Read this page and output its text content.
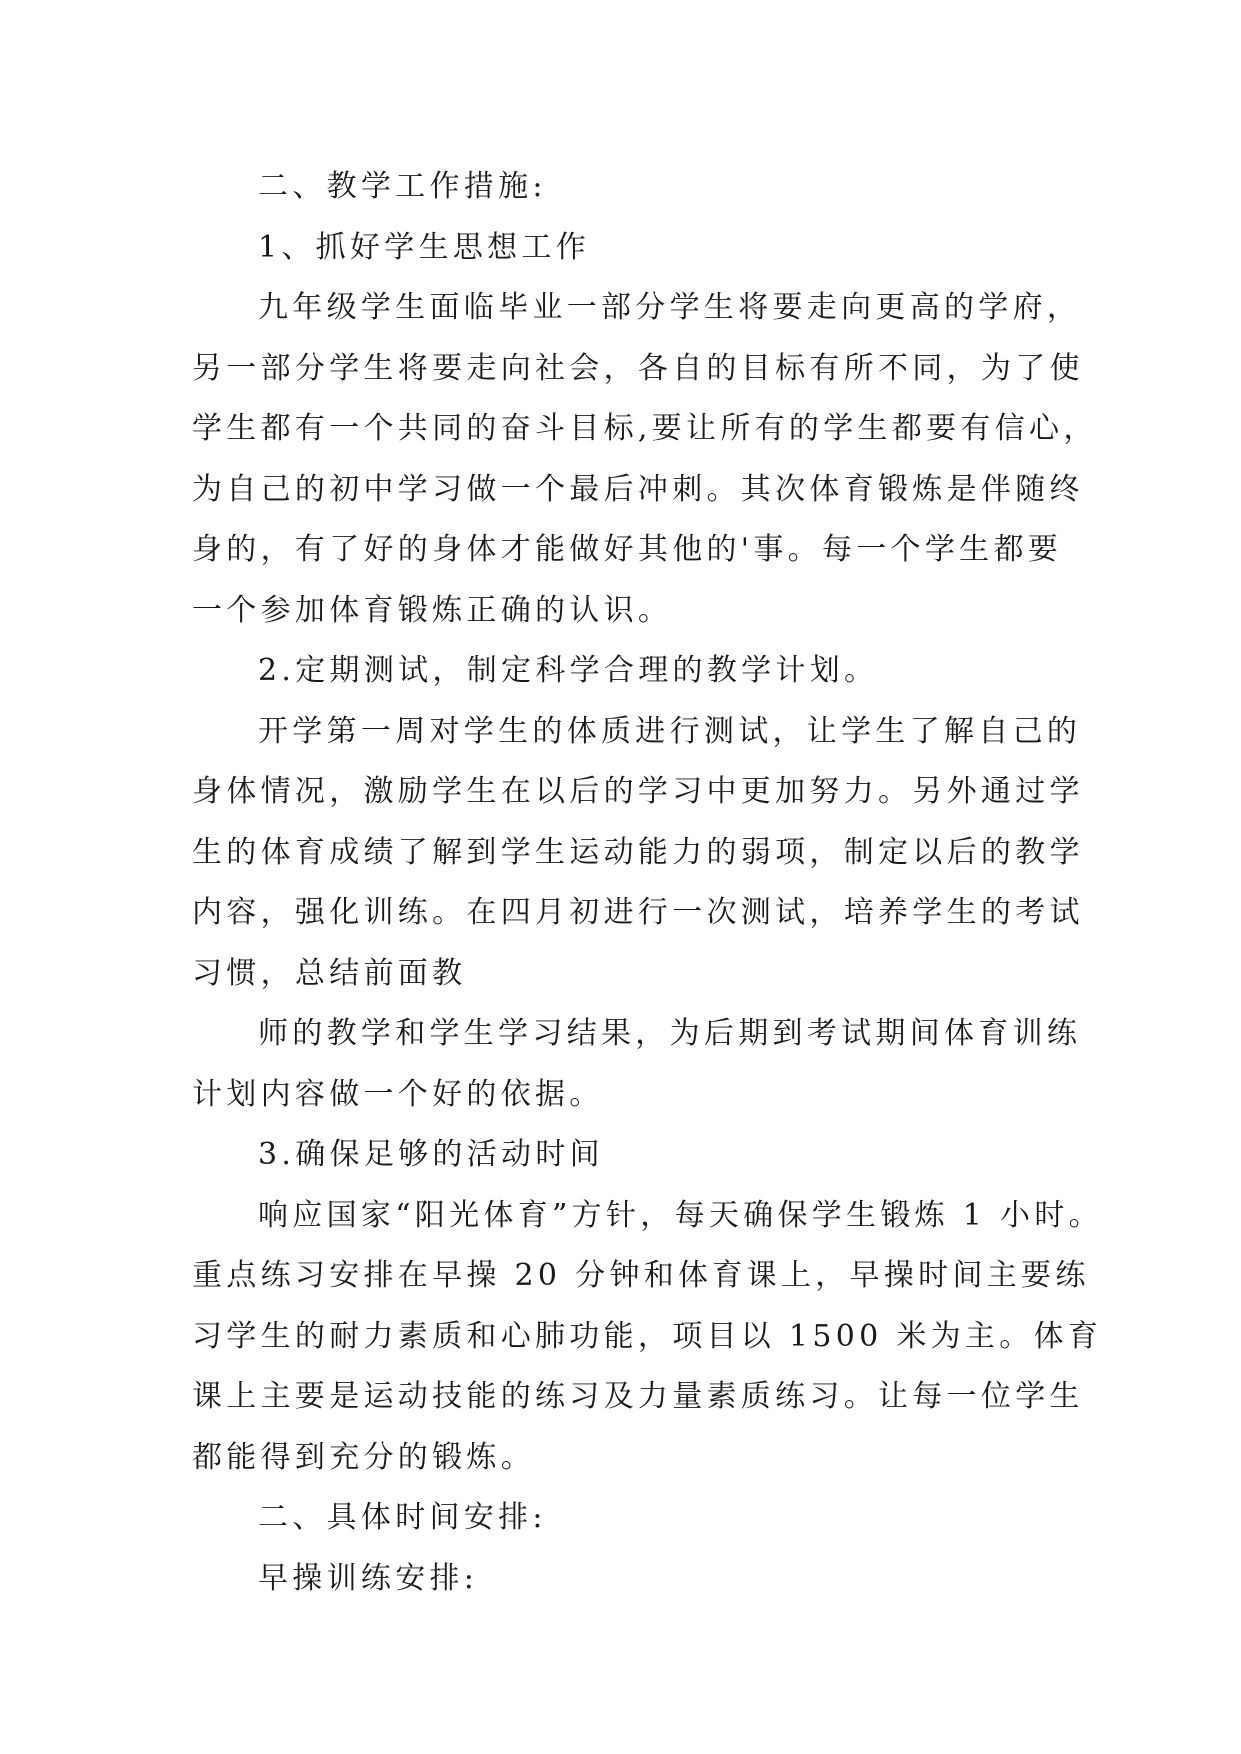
二、教学工作措施:
1、抓好学生思想工作
九年级学生面临毕业一部分学生将要走向更高的学府，
另一部分学生将要走向社会，各自的目标有所不同，为了使
学生都有一个共同的奋斗目标,要让所有的学生都要有信心，
为自己的初中学习做一个最后冲刺。其次体育锻炼是伴随终
身的，有了好的身体才能做好其他的'事。每一个学生都要
一个参加体育锻炼正确的认识。
2.定期测试，制定科学合理的教学计划。
开学第一周对学生的体质进行测试，让学生了解自己的
身体情况，激励学生在以后的学习中更加努力。另外通过学
生的体育成绩了解到学生运动能力的弱项，制定以后的教学
内容，强化训练。在四月初进行一次测试，培养学生的考试
习惯，总结前面教
师的教学和学生学习结果，为后期到考试期间体育训练
计划内容做一个好的依据。
3.确保足够的活动时间
响应国家“阳光体育”方针，每天确保学生锻炼 1 小时。
重点练习安排在早操 20 分钟和体育课上，早操时间主要练
习学生的耐力素质和心肺功能，项目以 1500 米为主。体育
课上主要是运动技能的练习及力量素质练习。让每一位学生
都能得到充分的锻炼。
二、具体时间安排:
早操训练安排:
